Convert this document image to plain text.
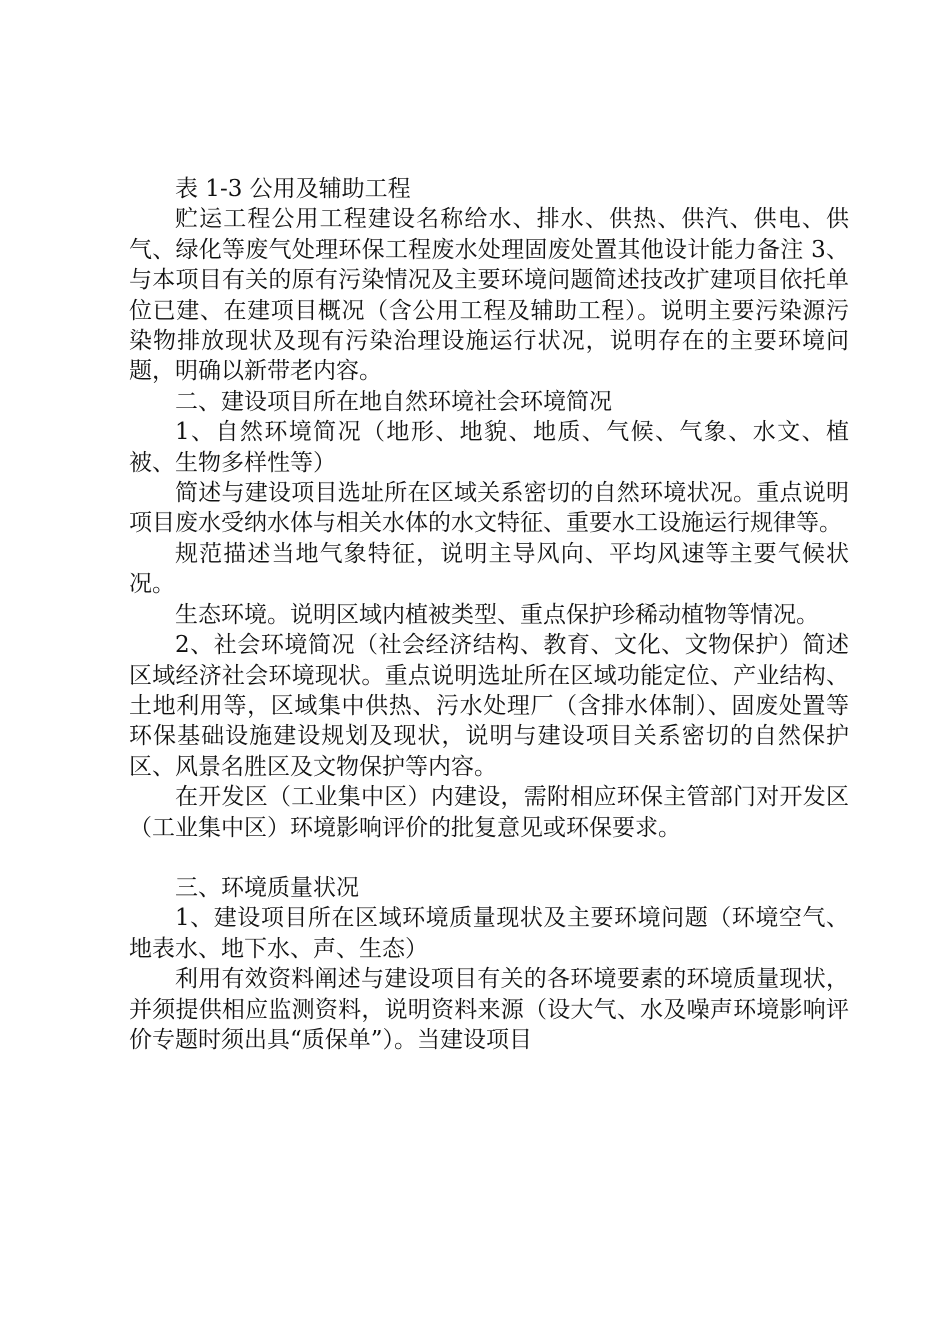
表 1-3 公用及辅助工程

贮运工程公用工程建设名称给水、排水、供热、供汽、供电、供气、绿化等废气处理环保工程废水处理固废处置其他设计能力备注 3、与本项目有关的原有污染情况及主要环境问题简述技改扩建项目依托单位已建、在建项目概况（含公用工程及辅助工程）。说明主要污染源污染物排放现状及现有污染治理设施运行状况，说明存在的主要环境问题，明确以新带老内容。

二、建设项目所在地自然环境社会环境简况

1、自然环境简况（地形、地貌、地质、气候、气象、水文、植被、生物多样性等）

简述与建设项目选址所在区域关系密切的自然环境状况。重点说明项目废水受纳水体与相关水体的水文特征、重要水工设施运行规律等。

规范描述当地气象特征，说明主导风向、平均风速等主要气候状况。

生态环境。说明区域内植被类型、重点保护珍稀动植物等情况。

2、社会环境简况（社会经济结构、教育、文化、文物保护）简述区域经济社会环境现状。重点说明选址所在区域功能定位、产业结构、土地利用等，区域集中供热、污水处理厂（含排水体制）、固废处置等环保基础设施建设规划及现状，说明与建设项目关系密切的自然保护区、风景名胜区及文物保护等内容。

在开发区（工业集中区）内建设，需附相应环保主管部门对开发区（工业集中区）环境影响评价的批复意见或环保要求。

三、环境质量状况

1、建设项目所在区域环境质量现状及主要环境问题（环境空气、地表水、地下水、声、生态）

利用有效资料阐述与建设项目有关的各环境要素的环境质量现状，并须提供相应监测资料，说明资料来源（设大气、水及噪声环境影响评价专题时须出具“质保单”）。当建设项目
